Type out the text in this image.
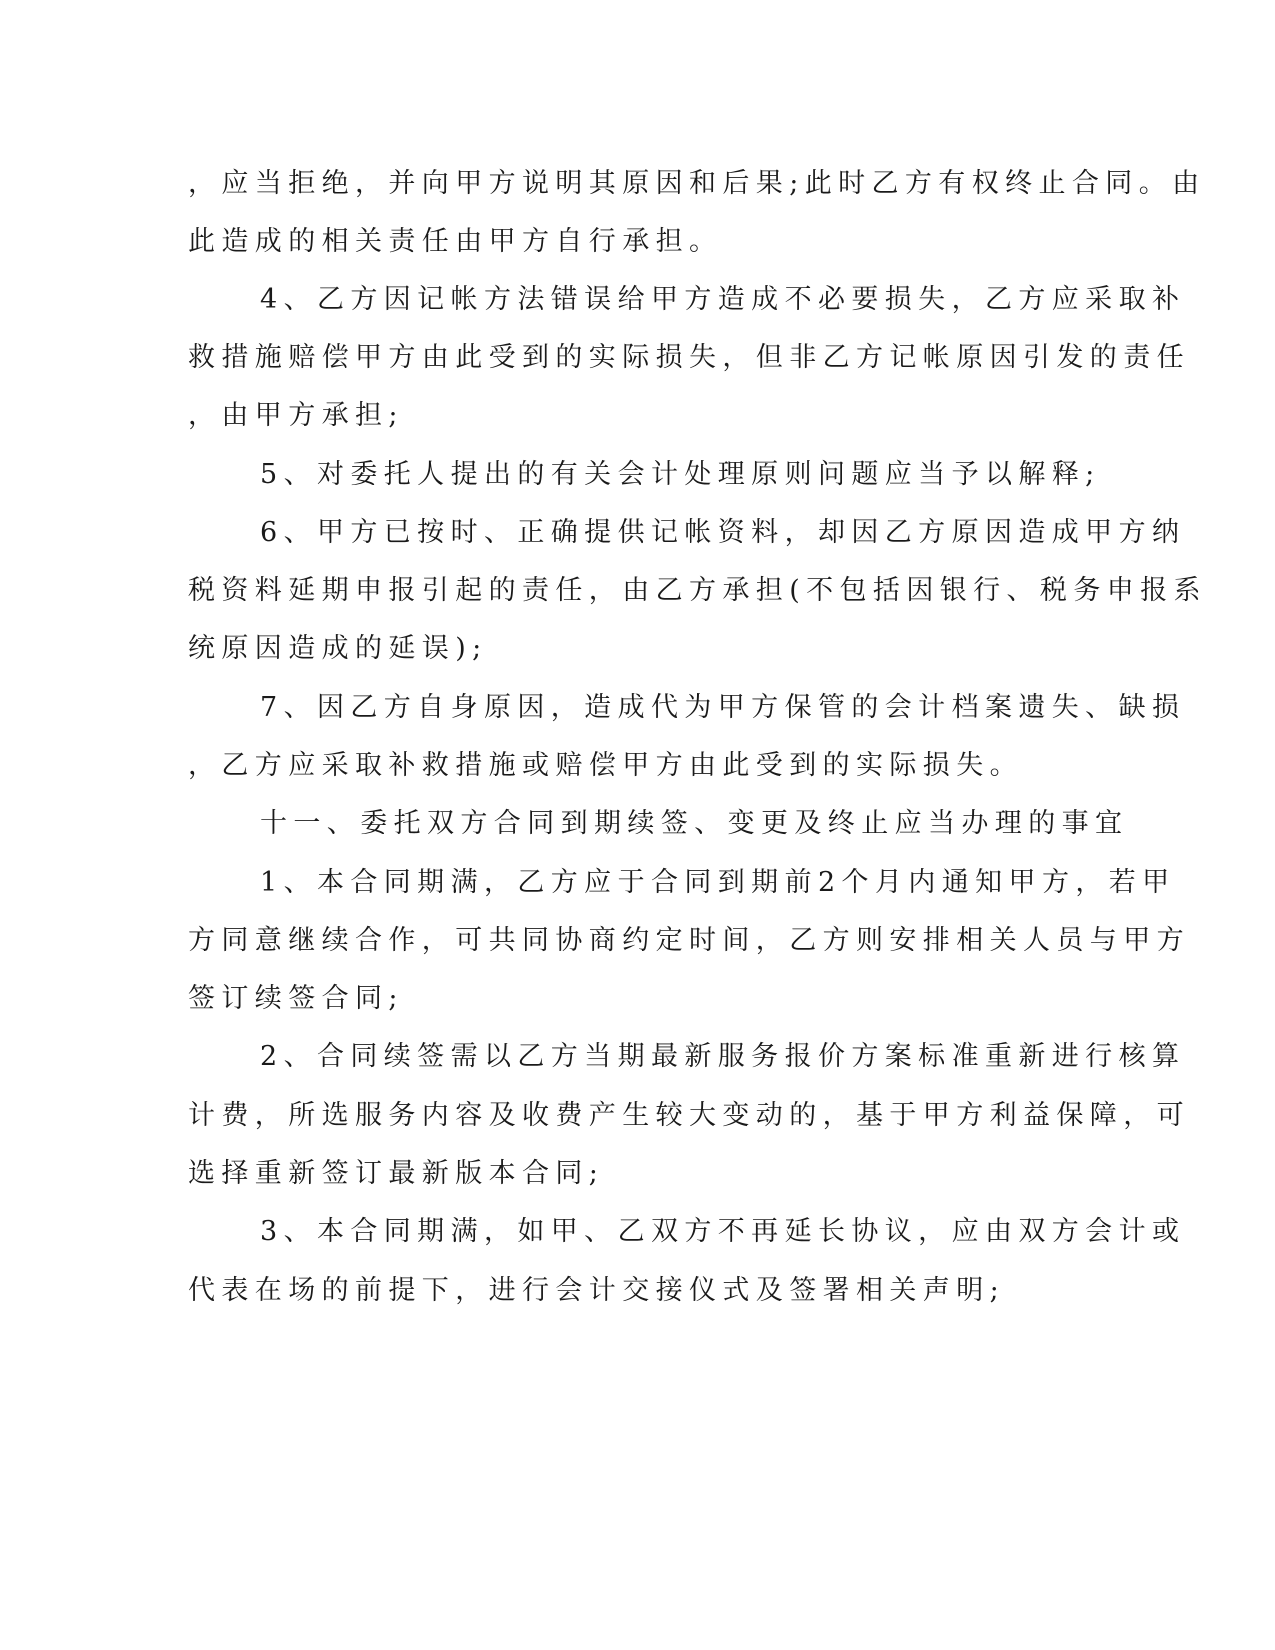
，应当拒绝，并向甲方说明其原因和后果;此时乙方有权终止合同。由
此造成的相关责任由甲方自行承担。
4、乙方因记帐方法错误给甲方造成不必要损失，乙方应采取补
救措施赔偿甲方由此受到的实际损失，但非乙方记帐原因引发的责任
，由甲方承担;
5、对委托人提出的有关会计处理原则问题应当予以解释;
6、甲方已按时、正确提供记帐资料，却因乙方原因造成甲方纳
税资料延期申报引起的责任，由乙方承担(不包括因银行、税务申报系
统原因造成的延误);
7、因乙方自身原因，造成代为甲方保管的会计档案遗失、缺损
，乙方应采取补救措施或赔偿甲方由此受到的实际损失。
十一、委托双方合同到期续签、变更及终止应当办理的事宜
1、本合同期满，乙方应于合同到期前2个月内通知甲方，若甲
方同意继续合作，可共同协商约定时间，乙方则安排相关人员与甲方
签订续签合同;
2、合同续签需以乙方当期最新服务报价方案标准重新进行核算
计费，所选服务内容及收费产生较大变动的，基于甲方利益保障，可
选择重新签订最新版本合同;
3、本合同期满，如甲、乙双方不再延长协议，应由双方会计或
代表在场的前提下，进行会计交接仪式及签署相关声明;
